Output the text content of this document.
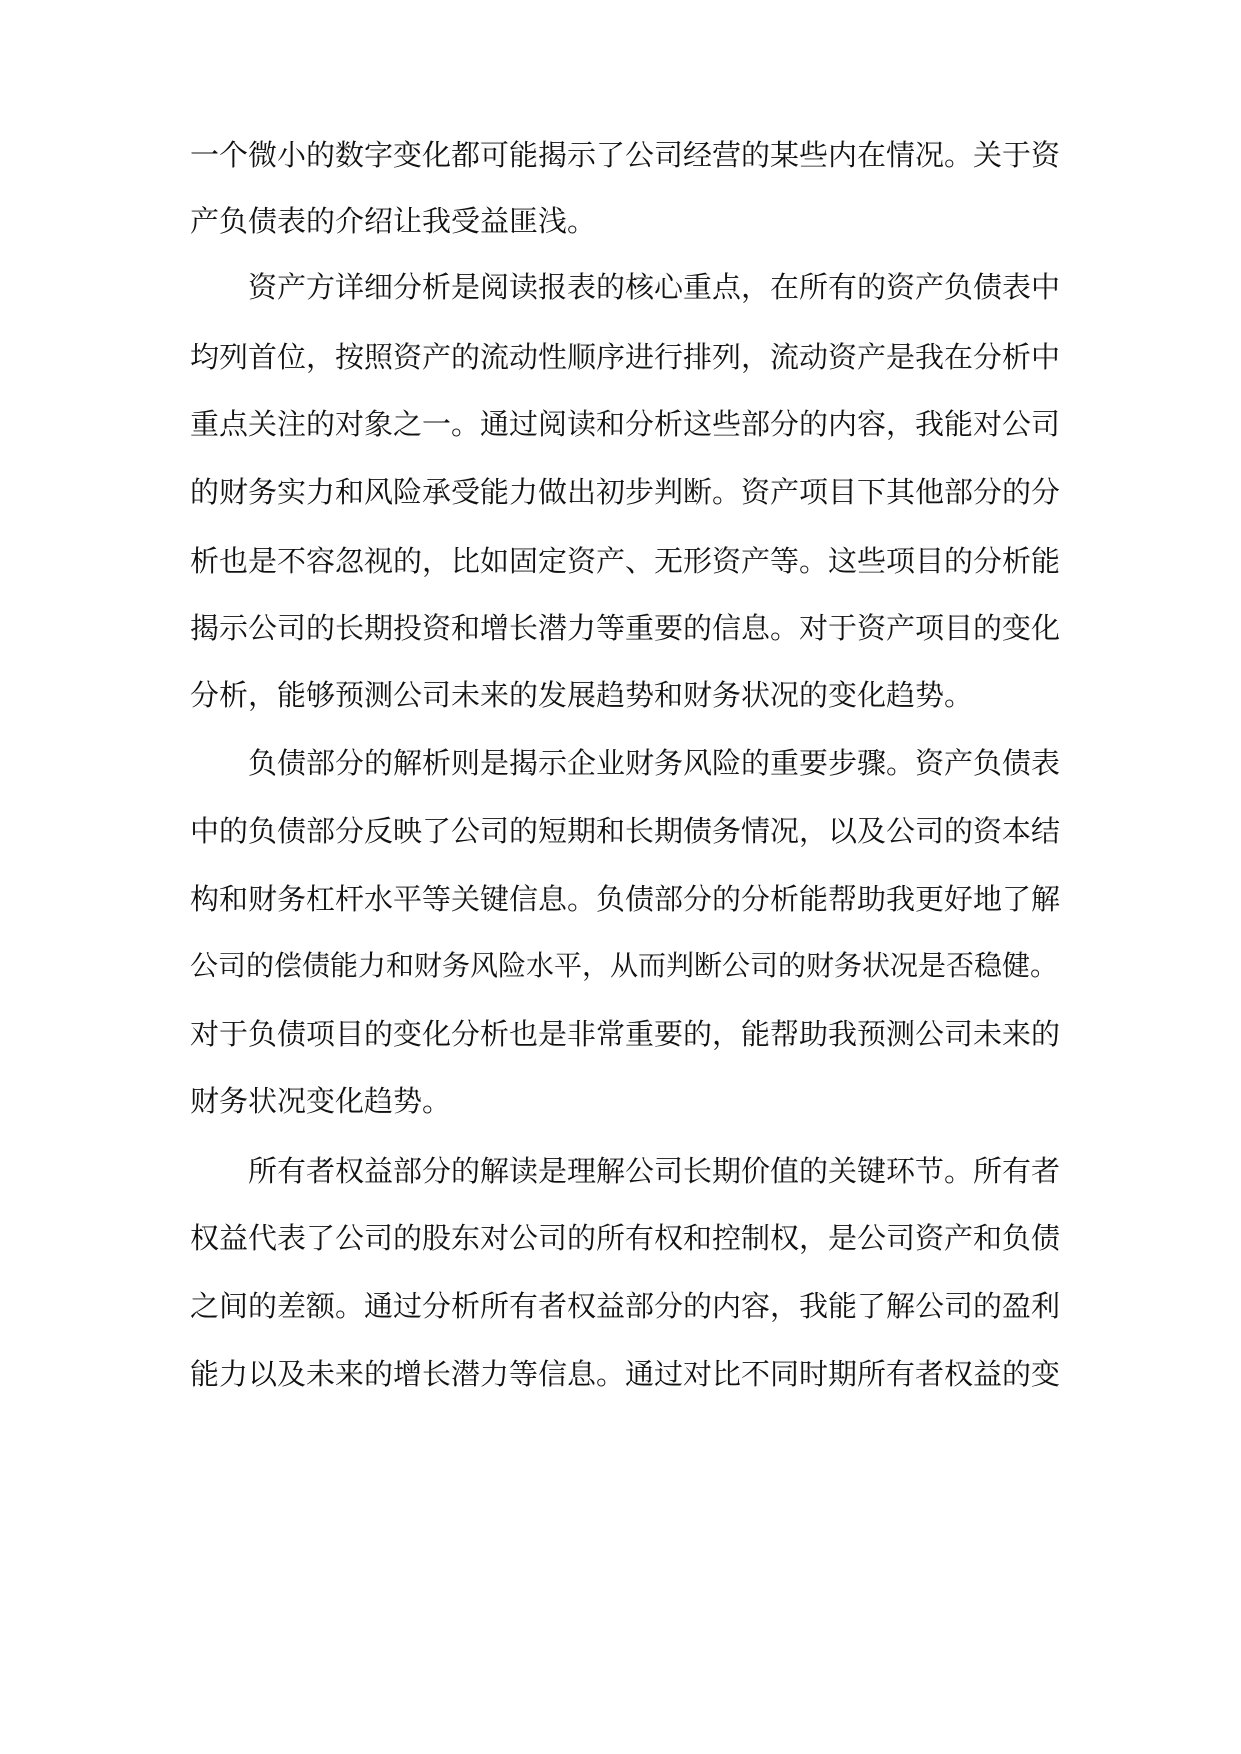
一个微小的数字变化都可能揭示了公司经营的某些内在情况。关于资
产负债表的介绍让我受益匪浅。
资产方详细分析是阅读报表的核心重点，在所有的资产负债表中
均列首位，按照资产的流动性顺序进行排列，流动资产是我在分析中
重点关注的对象之一。通过阅读和分析这些部分的内容，我能对公司
的财务实力和风险承受能力做出初步判断。资产项目下其他部分的分
析也是不容忽视的，比如固定资产、无形资产等。这些项目的分析能
揭示公司的长期投资和增长潜力等重要的信息。对于资产项目的变化
分析，能够预测公司未来的发展趋势和财务状况的变化趋势。
负债部分的解析则是揭示企业财务风险的重要步骤。资产负债表
中的负债部分反映了公司的短期和长期债务情况，以及公司的资本结
构和财务杠杆水平等关键信息。负债部分的分析能帮助我更好地了解
公司的偿债能力和财务风险水平，从而判断公司的财务状况是否稳健。
对于负债项目的变化分析也是非常重要的，能帮助我预测公司未来的
财务状况变化趋势。
所有者权益部分的解读是理解公司长期价值的关键环节。所有者
权益代表了公司的股东对公司的所有权和控制权，是公司资产和负债
之间的差额。通过分析所有者权益部分的内容，我能了解公司的盈利
能力以及未来的增长潜力等信息。通过对比不同时期所有者权益的变
